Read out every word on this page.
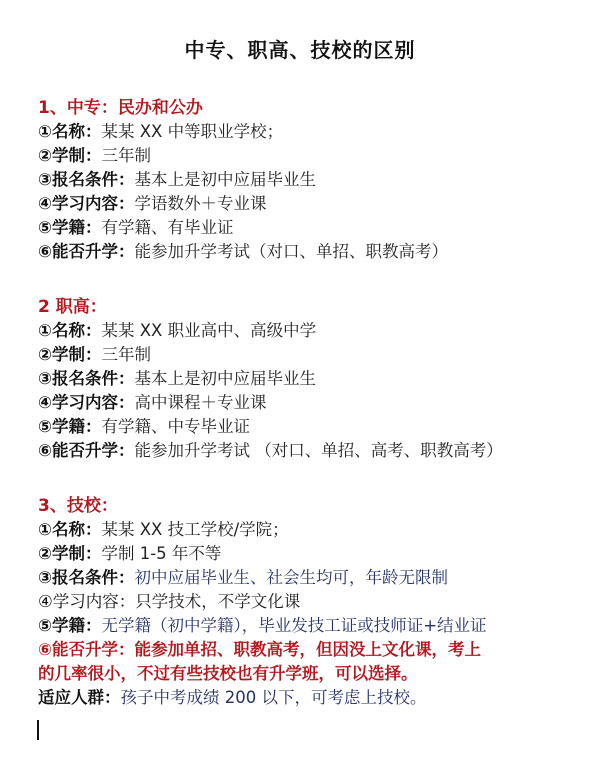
中专、职高、技校的区别
1、中专：民办和公办
①名称：某某 XX 中等职业学校；
②学制：三年制
③报名条件：基本上是初中应届毕业生
④学习内容：学语数外＋专业课
⑤学籍：有学籍、有毕业证
⑥能否升学：能参加升学考试（对口、单招、职教高考）
2 职高：
①名称：某某 XX 职业高中、高级中学
②学制：三年制
③报名条件：基本上是初中应届毕业生
④学习内容：高中课程＋专业课
⑤学籍：有学籍、中专毕业证
⑥能否升学：能参加升学考试 （对口、单招、高考、职教高考）
3、技校：
①名称：某某 XX 技工学校/学院；
②学制：学制 1-5 年不等
③报名条件：初中应届毕业生、社会生均可，年龄无限制
④学习内容：只学技术，不学文化课
⑤学籍：无学籍（初中学籍），毕业发技工证或技师证+结业证
⑥能否升学：能参加单招、职教高考，但因没上文化课，考上
的几率很小，不过有些技校也有升学班，可以选择。
适应人群：孩子中考成绩 200 以下，可考虑上技校。
